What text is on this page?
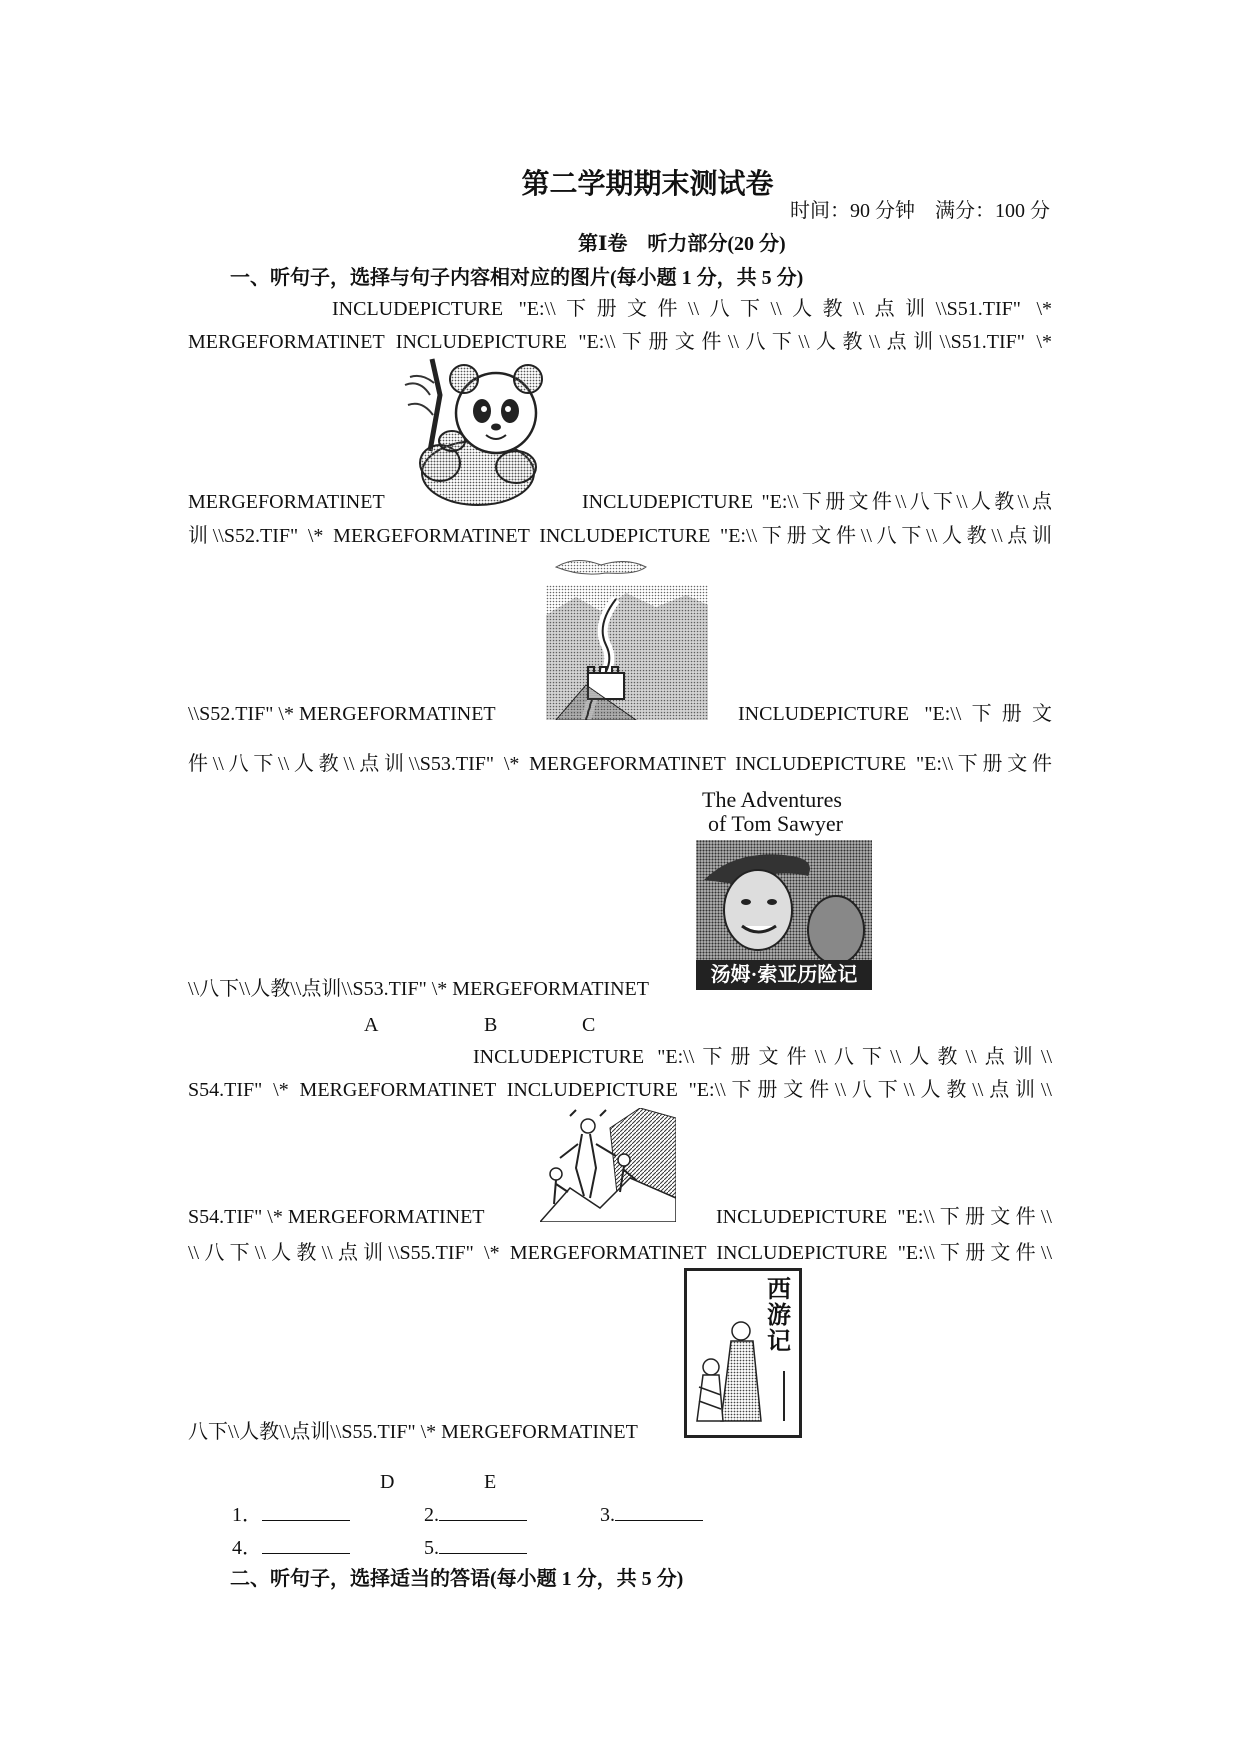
第二学期期末测试卷
时间：90 分钟　满分：100 分
第Ⅰ卷　听力部分(20 分)
一、听句子，选择与句子内容相对应的图片(每小题 1 分，共 5 分)
INCLUDEPICTURE "E:\\下册文件\\八下\\人教\\点训\\S51.TIF" \*
MERGEFORMATINET INCLUDEPICTURE "E:\\下册文件\\八下\\人教\\点训\\S51.TIF" \*
MERGEFORMATINET	INCLUDEPICTURE "E:\\下册文件\\八下\\人教\\点
训\\S52.TIF" \* MERGEFORMATINET INCLUDEPICTURE "E:\\下册文件\\八下\\人教\\点训
\\S52.TIF" \* MERGEFORMATINET	INCLUDEPICTURE "E:\\下册文
件\\八下\\人教\\点训\\S53.TIF" \* MERGEFORMATINET INCLUDEPICTURE "E:\\下册文件
The Adventures
of Tom Sawyer
汤姆·索亚历险记
\\八下\\人教\\点训\\S53.TIF" \* MERGEFORMATINET
A	B	C
INCLUDEPICTURE "E:\\下册文件\\八下\\人教\\点训\\
S54.TIF" \* MERGEFORMATINET INCLUDEPICTURE "E:\\下册文件\\八下\\人教\\点训\\
S54.TIF" \* MERGEFORMATINET	INCLUDEPICTURE "E:\\下册文件\\
\\八下\\人教\\点训\\S55.TIF" \* MERGEFORMATINET INCLUDEPICTURE "E:\\下册文件\\
西
游
记
八下\\人教\\点训\\S55.TIF" \* MERGEFORMATINET
D	E
1．	2.	3.
4．	5.
二、听句子，选择适当的答语(每小题 1 分，共 5 分)
